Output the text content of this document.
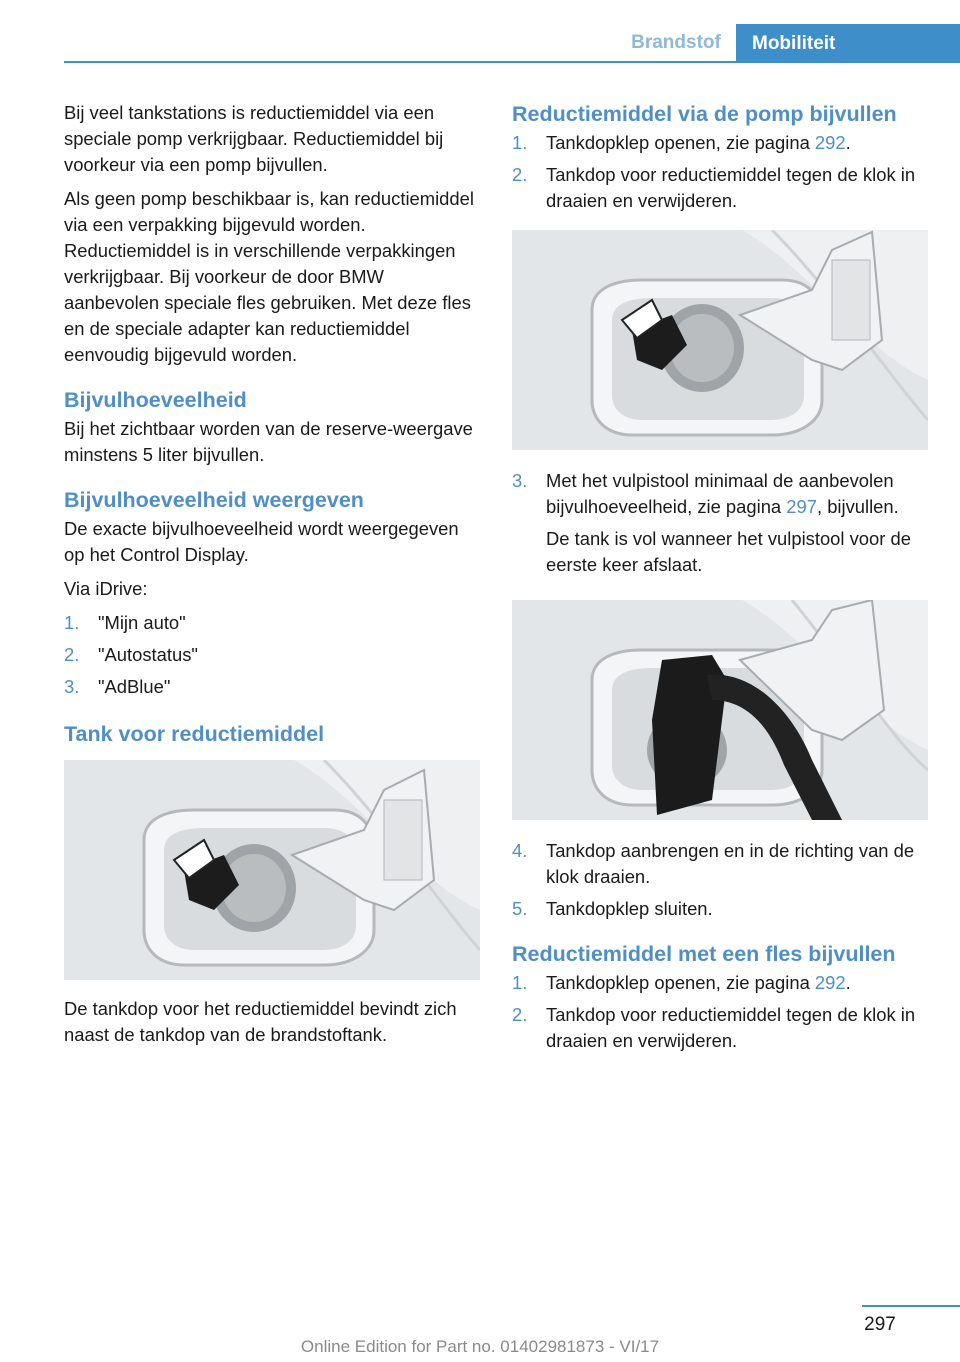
Brandstof	Mobiliteit

Bij veel tankstations is reductiemiddel via een speciale pomp verkrijgbaar. Reductiemiddel bij voorkeur via een pomp bijvullen.

Als geen pomp beschikbaar is, kan reductiemiddel via een verpakking bijgevuld worden. Reductiemiddel is in verschillende verpakkingen verkrijgbaar. Bij voorkeur de door BMW aanbevolen speciale fles gebruiken. Met deze fles en de speciale adapter kan reductiemiddel eenvoudig bijgevuld worden.

Bijvulhoeveelheid

Bij het zichtbaar worden van de reserve-weergave minstens 5 liter bijvullen.

Bijvulhoeveelheid weergeven

De exacte bijvulhoeveelheid wordt weergegeven op het Control Display.

Via iDrive:

1.	"Mijn auto"
2.	"Autostatus"
3.	"AdBlue"
Tank voor reductiemiddel

De tankdop voor het reductiemiddel bevindt zich naast de tankdop van de brandstoftank.

Reductiemiddel via de pomp bijvullen
1.	Tankdopklep openen, zie pagina 292.
2.	Tankdop voor reductiemiddel tegen de klok in draaien en verwijderen.
3.	Met het vulpistool minimaal de aanbevolen bijvulhoeveelheid, zie pagina 297, bijvullen.

De tank is vol wanneer het vulpistool voor de eerste keer afslaat.

4.	Tankdop aanbrengen en in de richting van de klok draaien.
5.	Tankdopklep sluiten.
Reductiemiddel met een fles bijvullen
1.	Tankdopklep openen, zie pagina 292.
2.	Tankdop voor reductiemiddel tegen de klok in draaien en verwijderen.
297
Online Edition for Part no. 01402981873 - VI/17
